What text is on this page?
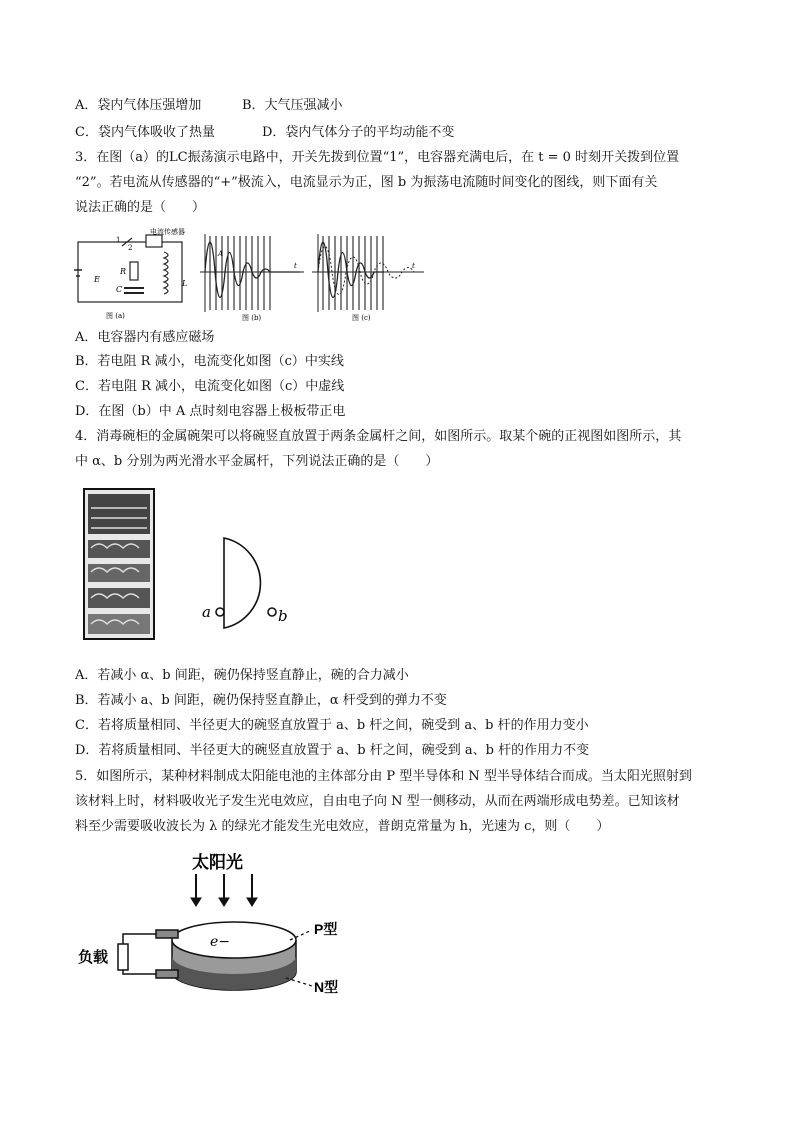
A．袋内气体压强增加	B．大气压强减小
C．袋内气体吸收了热量	D．袋内气体分子的平均动能不变
3．在图（a）的LC振荡演示电路中，开关先拨到位置“1”，电容器充满电后，在 t = 0 时刻开关拨到位置
“2”。若电流从传感器的“+”极流入，电流显示为正，图 b 为振荡电流随时间变化的图线，则下面有关
说法正确的是（　　）
电流传感器
1
2
E
R
C
L
图 (a)
t
A
图 (b)
t
图 (c)
A．电容器内有感应磁场
B．若电阻 R 减小，电流变化如图（c）中实线
C．若电阻 R 减小，电流变化如图（c）中虚线
D．在图（b）中 A 点时刻电容器上极板带正电
4．消毒碗柜的金属碗架可以将碗竖直放置于两条金属杆之间，如图所示。取某个碗的正视图如图所示，其
中 α、b 分别为两光滑水平金属杆，下列说法正确的是（　　）
a	b
A．若减小 α、b 间距，碗仍保持竖直静止，碗的合力减小
B．若减小 a、b 间距，碗仍保持竖直静止，α 杆受到的弹力不变
C．若将质量相同、半径更大的碗竖直放置于 a、b 杆之间，碗受到 a、b 杆的作用力变小
D．若将质量相同、半径更大的碗竖直放置于 a、b 杆之间，碗受到 a、b 杆的作用力不变
5．如图所示，某种材料制成太阳能电池的主体部分由 P 型半导体和 N 型半导体结合而成。当太阳光照射到
该材料上时，材料吸收光子发生光电效应，自由电子向 N 型一侧移动，从而在两端形成电势差。已知该材
料至少需要吸收波长为 λ 的绿光才能发生光电效应，普朗克常量为 h，光速为 c，则（　　）
太阳光
e−
负载
P型
N型
